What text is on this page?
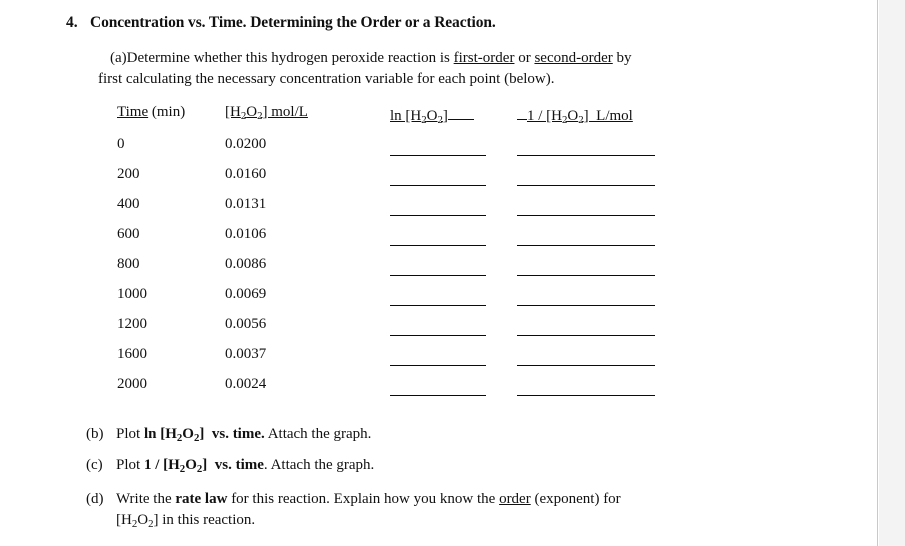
4. Concentration vs. Time. Determining the Order or a Reaction.
(a)Determine whether this hydrogen peroxide reaction is first-order or second-order by
first calculating the necessary concentration variable for each point (below).
Time (min)	$[H_2O_2]$ mol/L	$\ln [H_2O_2]$	$1 / [H_2O_2]$  L/mol
0	0.0200
200	0.0160
400	0.0131
600	0.0106
800	0.0086
1000	0.0069
1200	0.0056
1600	0.0037
2000	0.0024
(b) Plot $\ln [H_2O_2]$  vs. time. Attach the graph.
(c) Plot $1 / [H_2O_2]$  vs. time. Attach the graph.
(d) Write the rate law for this reaction. Explain how you know the order (exponent) for
$[H_2O_2]$ in this reaction.
